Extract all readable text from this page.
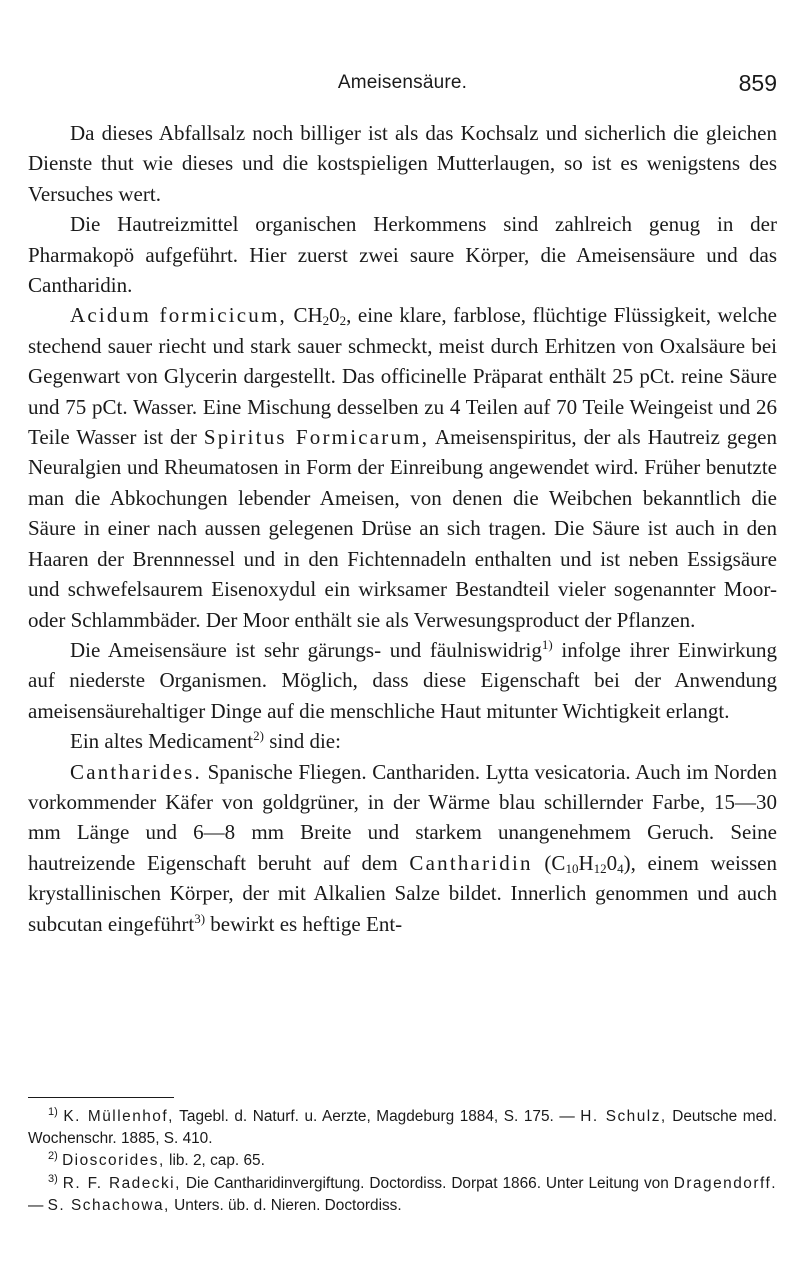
Ameisensäure.	859

Da dieses Abfallsalz noch billiger ist als das Kochsalz und sicherlich die gleichen Dienste thut wie dieses und die kostspieligen Mutterlaugen, so ist es wenigstens des Versuches wert.

Die Hautreizmittel organischen Herkommens sind zahlreich genug in der Pharmakopö aufgeführt. Hier zuerst zwei saure Körper, die Ameisensäure und das Cantharidin.

Acidum formicicum, $CH_20_2$, eine klare, farblose, flüchtige Flüssigkeit, welche stechend sauer riecht und stark sauer schmeckt, meist durch Erhitzen von Oxalsäure bei Gegenwart von Glycerin dargestellt. Das officinelle Präparat enthält 25 pCt. reine Säure und 75 pCt. Wasser. Eine Mischung desselben zu 4 Teilen auf 70 Teile Weingeist und 26 Teile Wasser ist der Spiritus Formicarum, Ameisenspiritus, der als Hautreiz gegen Neuralgien und Rheumatosen in Form der Einreibung angewendet wird. Früher benutzte man die Abkochungen lebender Ameisen, von denen die Weibchen bekanntlich die Säure in einer nach aussen gelegenen Drüse an sich tragen. Die Säure ist auch in den Haaren der Brennnessel und in den Fichtennadeln enthalten und ist neben Essigsäure und schwefelsaurem Eisenoxydul ein wirksamer Bestandteil vieler sogenannter Moor- oder Schlammbäder. Der Moor enthält sie als Verwesungsproduct der Pflanzen.

Die Ameisensäure ist sehr gärungs- und fäulniswidrig$^{1)}$ infolge ihrer Einwirkung auf niederste Organismen. Möglich, dass diese Eigenschaft bei der Anwendung ameisensäurehaltiger Dinge auf die menschliche Haut mitunter Wichtigkeit erlangt.

Ein altes Medicament$^{2)}$ sind die:

Cantharides. Spanische Fliegen. Canthariden. Lytta vesicatoria. Auch im Norden vorkommender Käfer von goldgrüner, in der Wärme blau schillernder Farbe, 15—30 mm Länge und 6—8 mm Breite und starkem unangenehmem Geruch. Seine hautreizende Eigenschaft beruht auf dem Cantharidin $(C_{10}H_{12}0_4)$, einem weissen krystallinischen Körper, der mit Alkalien Salze bildet. Innerlich genommen und auch subcutan eingeführt$^{3)}$ bewirkt es heftige Ent-

$^{1)}$ K. Müllenhof, Tagebl. d. Naturf. u. Aerzte, Magdeburg 1884, S. 175. — H. Schulz, Deutsche med. Wochenschr. 1885, S. 410.

$^{2)}$ Dioscorides, lib. 2, cap. 65.

$^{3)}$ R. F. Radecki, Die Cantharidinvergiftung. Doctordiss. Dorpat 1866. Unter Leitung von Dragendorff. — S. Schachowa, Unters. üb. d. Nieren. Doctordiss.
